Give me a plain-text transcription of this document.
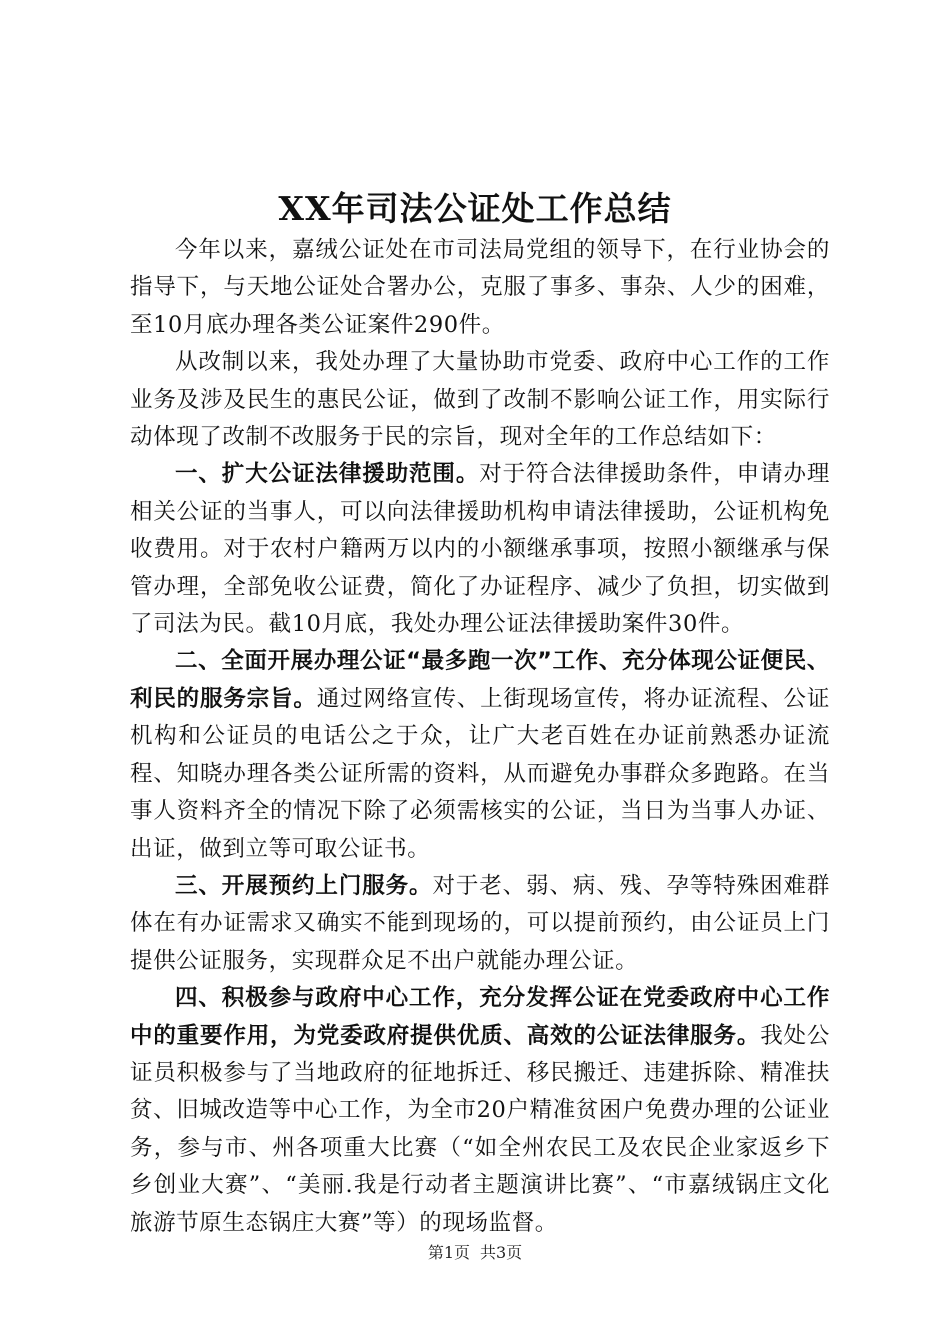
XX年司法公证处工作总结

今年以来，嘉绒公证处在市司法局党组的领导下，在行业协会的指导下，与天地公证处合署办公，克服了事多、事杂、人少的困难，至10月底办理各类公证案件290件。

从改制以来，我处办理了大量协助市党委、政府中心工作的工作业务及涉及民生的惠民公证，做到了改制不影响公证工作，用实际行动体现了改制不改服务于民的宗旨，现对全年的工作总结如下：

一、扩大公证法律援助范围。对于符合法律援助条件，申请办理相关公证的当事人，可以向法律援助机构申请法律援助，公证机构免收费用。对于农村户籍两万以内的小额继承事项，按照小额继承与保管办理，全部免收公证费，简化了办证程序、减少了负担，切实做到了司法为民。截10月底，我处办理公证法律援助案件30件。

二、全面开展办理公证“最多跑一次”工作、充分体现公证便民、利民的服务宗旨。通过网络宣传、上街现场宣传，将办证流程、公证机构和公证员的电话公之于众，让广大老百姓在办证前熟悉办证流程、知晓办理各类公证所需的资料，从而避免办事群众多跑路。在当事人资料齐全的情况下除了必须需核实的公证，当日为当事人办证、出证，做到立等可取公证书。

三、开展预约上门服务。对于老、弱、病、残、孕等特殊困难群体在有办证需求又确实不能到现场的，可以提前预约，由公证员上门提供公证服务，实现群众足不出户就能办理公证。

四、积极参与政府中心工作，充分发挥公证在党委政府中心工作中的重要作用，为党委政府提供优质、高效的公证法律服务。我处公证员积极参与了当地政府的征地拆迁、移民搬迁、违建拆除、精准扶贫、旧城改造等中心工作，为全市20户精准贫困户免费办理的公证业务，参与市、州各项重大比赛（“如全州农民工及农民企业家返乡下乡创业大赛”、“美丽.我是行动者主题演讲比赛”、“市嘉绒锅庄文化旅游节原生态锅庄大赛”等）的现场监督。

第1页 共3页
